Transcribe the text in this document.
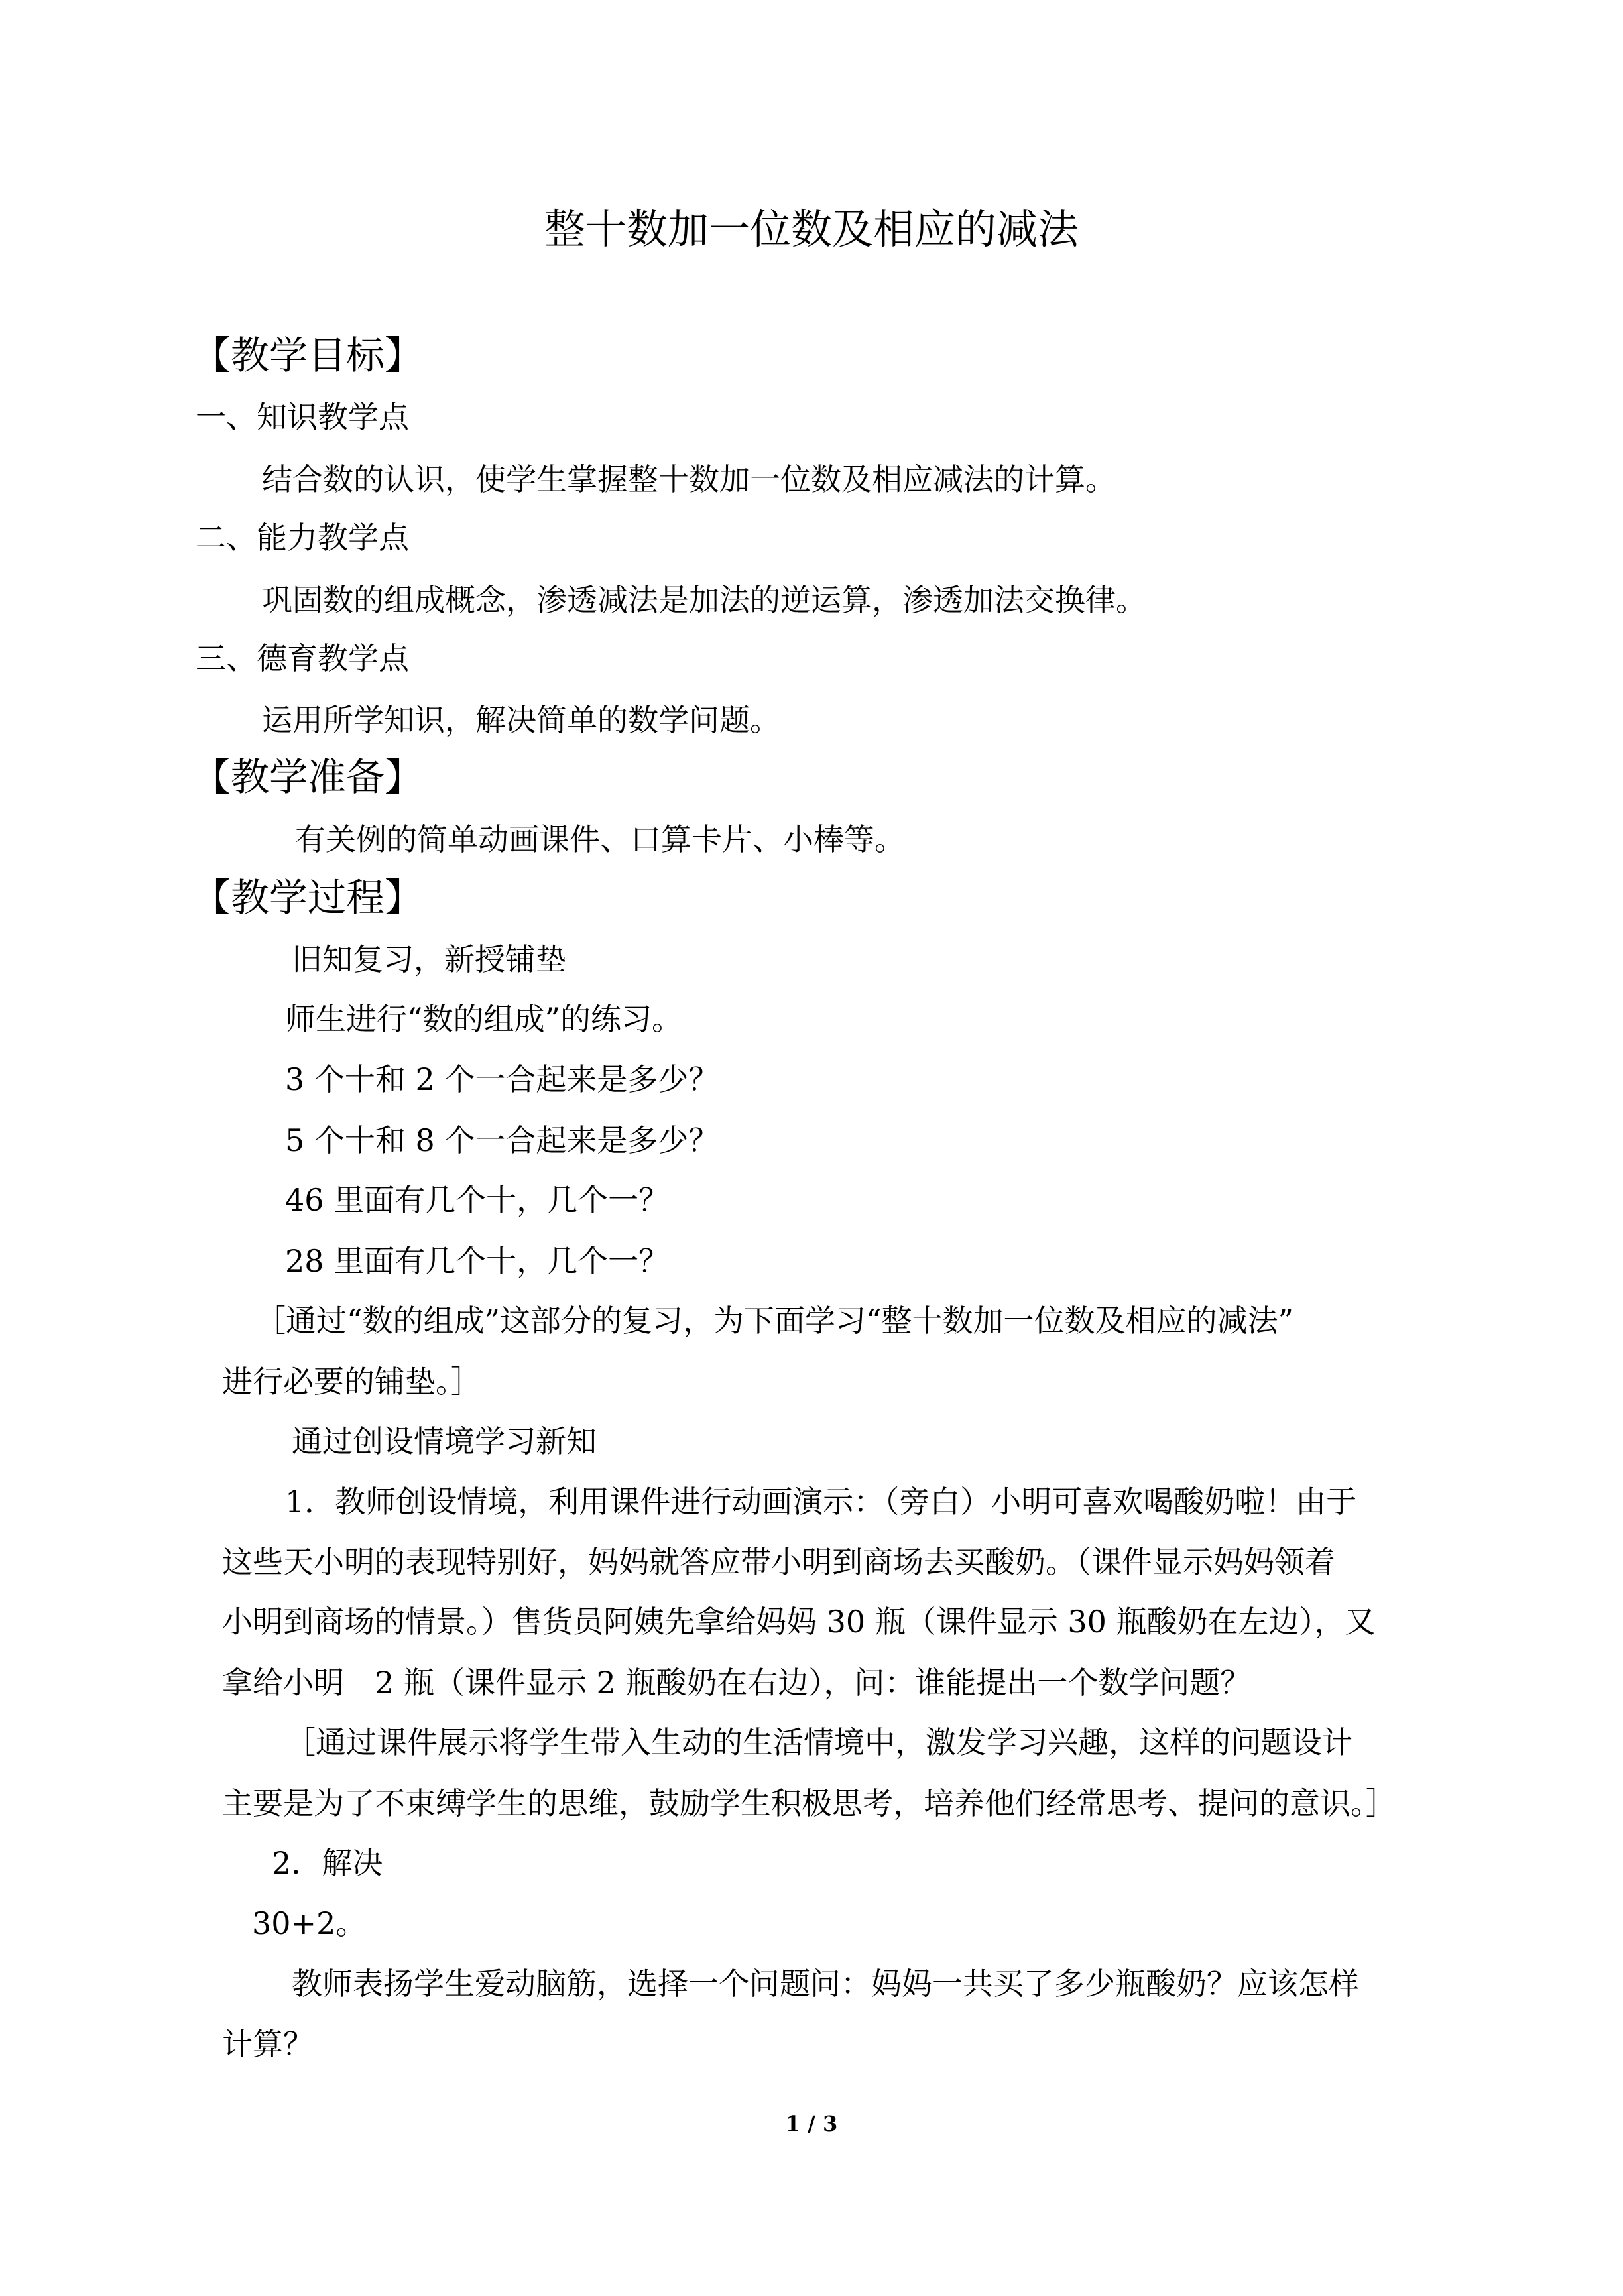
整十数加一位数及相应的减法
【教学目标】
一、知识教学点
结合数的认识，使学生掌握整十数加一位数及相应减法的计算。
二、能力教学点
巩固数的组成概念，渗透减法是加法的逆运算，渗透加法交换律。
三、德育教学点
运用所学知识，解决简单的数学问题。
【教学准备】
有关例的简单动画课件、口算卡片、小棒等。
【教学过程】
旧知复习，新授铺垫
师生进行“数的组成”的练习。
3 个十和 2 个一合起来是多少？
5 个十和 8 个一合起来是多少？
46 里面有几个十，几个一？
28 里面有几个十，几个一？
［通过“数的组成”这部分的复习，为下面学习“整十数加一位数及相应的减法”
进行必要的铺垫。］
通过创设情境学习新知
1．教师创设情境，利用课件进行动画演示：（旁白）小明可喜欢喝酸奶啦！由于
这些天小明的表现特别好，妈妈就答应带小明到商场去买酸奶。（课件显示妈妈领着
小明到商场的情景。）售货员阿姨先拿给妈妈 30 瓶（课件显示 30 瓶酸奶在左边），又
拿给小明　2 瓶（课件显示 2 瓶酸奶在右边），问：谁能提出一个数学问题？
［通过课件展示将学生带入生动的生活情境中，激发学习兴趣，这样的问题设计
主要是为了不束缚学生的思维，鼓励学生积极思考，培养他们经常思考、提问的意识。］
2．解决
30+2。
教师表扬学生爱动脑筋，选择一个问题问：妈妈一共买了多少瓶酸奶？应该怎样
计算？
1 / 3
